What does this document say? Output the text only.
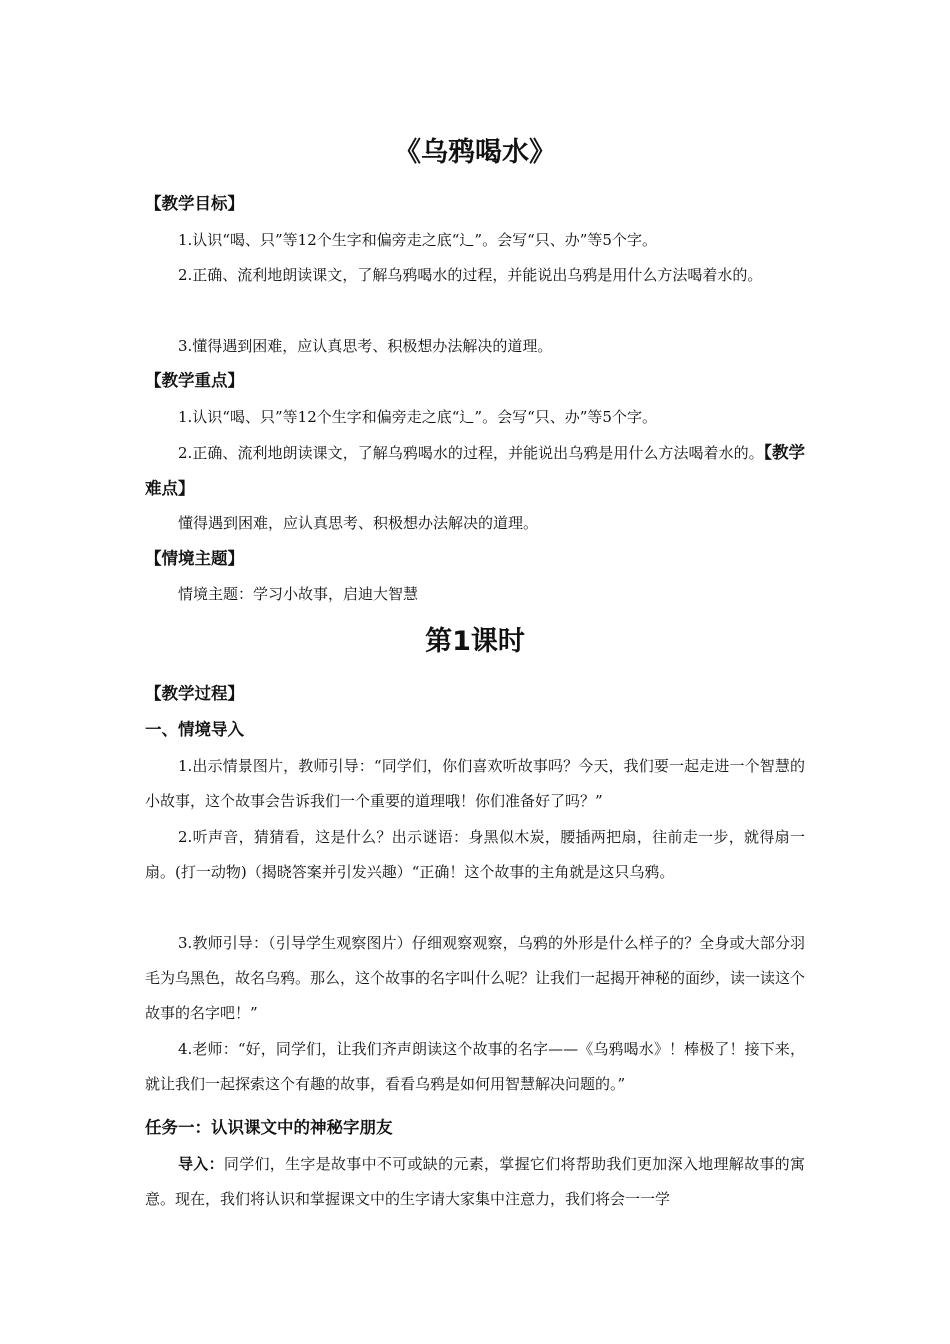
《乌鸦喝水》
【教学目标】

1.认识“喝、只”等12个生字和偏旁走之底“辶”。会写“只、办”等5个字。

2.正确、流利地朗读课文，了解乌鸦喝水的过程，并能说出乌鸦是用什么方法喝着水的。

3.懂得遇到困难，应认真思考、积极想办法解决的道理。

【教学重点】

1.认识“喝、只”等12个生字和偏旁走之底“辶”。会写“只、办”等5个字。

2.正确、流利地朗读课文，了解乌鸦喝水的过程，并能说出乌鸦是用什么方法喝着水的。【教学难点】

懂得遇到困难，应认真思考、积极想办法解决的道理。

【情境主题】

情境主题：学习小故事，启迪大智慧

第1课时
【教学过程】
一、情境导入

1.出示情景图片，教师引导：“同学们，你们喜欢听故事吗？今天，我们要一起走进一个智慧的小故事，这个故事会告诉我们一个重要的道理哦！你们准备好了吗？”

2.听声音，猜猜看，这是什么？出示谜语：身黑似木炭，腰插两把扇，往前走一步，就得扇一扇。(打一动物)（揭晓答案并引发兴趣）“正确！这个故事的主角就是这只乌鸦。

3.教师引导：（引导学生观察图片）仔细观察观察，乌鸦的外形是什么样子的？全身或大部分羽毛为乌黑色，故名乌鸦。那么，这个故事的名字叫什么呢？让我们一起揭开神秘的面纱，读一读这个故事的名字吧！”

4.老师：“好，同学们，让我们齐声朗读这个故事的名字——《乌鸦喝水》！棒极了！接下来，就让我们一起探索这个有趣的故事，看看乌鸦是如何用智慧解决问题的。”

任务一：认识课文中的神秘字朋友

导入：同学们，生字是故事中不可或缺的元素，掌握它们将帮助我们更加深入地理解故事的寓意。现在，我们将认识和掌握课文中的生字请大家集中注意力，我们将会一一学
